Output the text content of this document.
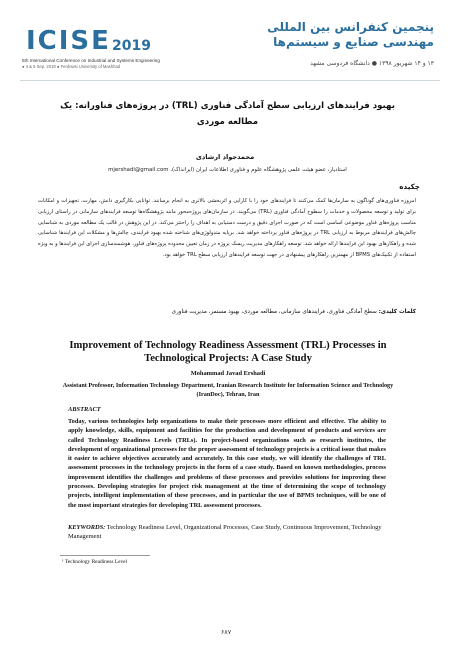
ICISE 2019
5th International Conference on Industrial and Systems Engineering
● 4 & 5 Sep. 2019 ● Ferdowsi University of Mashhad
پنجمین کنفرانس بین المللی مهندسی صنایع و سیستم‌ها
۱۳ و ۱۴ شهریور ۱۳۹۸ ● دانشگاه فردوسی مشهد
بهبود فرایندهای ارزیابی سطح آمادگی فناوری (TRL) در پروژه‌های فناورانه: یک مطالعه موردی
محمدجواد ارشادی
استادیار، عضو هیئت علمی پژوهشگاه علوم و فناوری اطلاعات ایران (ایرانداک)، mjershadi@gmail.com
چکیده
امروزه فناوری‌های گوناگون به سازمان‌ها کمک می‌کنند تا فرایندهای خود را با کارایی و اثربخشی بالاتری به انجام برسانند. توانایی بکارگیری دانش، مهارت، تجهیزات و امکانات برای تولید و توسعه محصولات و خدمات را سطوح آمادگی فناوری (TRL) می‌گویند. در سازمان‌های پروژه‌محور مانند پژوهشگاه‌ها توسعه فرایندهای سازمانی در راستای ارزیابی مناسب پروژه‌های فناور موضوعی اساسی است که در صورت اجرای دقیق و درست دستیابی به اهداف را راحتتر می‌کند. در این پژوهش در قالب یک مطالعه موردی به شناسایی چالش‌های فرایندهای مربوط به ارزیابی TRL در پروژه‌های فناور پرداخته خواهد شد. برپایه متدولوژی‌های شناخته شده بهبود فرایندی، چالش‌ها و مشکلات این فرایندها شناسایی شده و راهکارهای بهبود این فرایندها ارائه خواهد شد. توسعه راهکارهای مدیریت ریسک پروژه در زمان تعیین محدوده پروژه‌های فناور، هوشمندسازی اجرای این فرایندها و به ویژه استفاده از تکنیک‌های BPMS از مهمترین راهکارهای پیشنهادی در جهت توسعه فرایندهای ارزیابی سطح TRL خواهد بود.
کلمات کلیدی: سطح آمادگی فناوری، فرایندهای سازمانی، مطالعه موردی، بهبود مستمر، مدیریت فناوری
Improvement of Technology Readiness Assessment (TRL) Processes in Technological Projects: A Case Study
Mohammad Javad Ershadi
Assistant Professor, Information Technology Department, Iranian Research Institute for Information Science and Technology (IranDoc), Tehran, Iran
ABSTRACT
Today, various technologies help organizations to make their processes more efficient and effective. The ability to apply knowledge, skills, equipment and facilities for the production and development of products and services are called Technology Readiness Levels (TRLs). In project-based organizations such as research institutes, the development of organizational processes for the proper assessment of technology projects is a critical issue that makes it easier to achieve objectives accurately and accurately. In this case study, we will identify the challenges of TRL assessment processes in the technology projects in the form of a case study. Based on known methodologies, process improvement identifies the challenges and problems of these processes and provides solutions for improving these processes. Developing strategies for project risk management at the time of determining the scope of technology projects, intelligent implementation of these processes, and in particular the use of BPMS techniques, will be one of the most important strategies for developing TRL assessment processes.
KEYWORDS: Technology Readiness Level, Organizational Processes, Case Study, Continuous Improvement, Technology Management
¹ Technology Readiness Level
۶۸۷
